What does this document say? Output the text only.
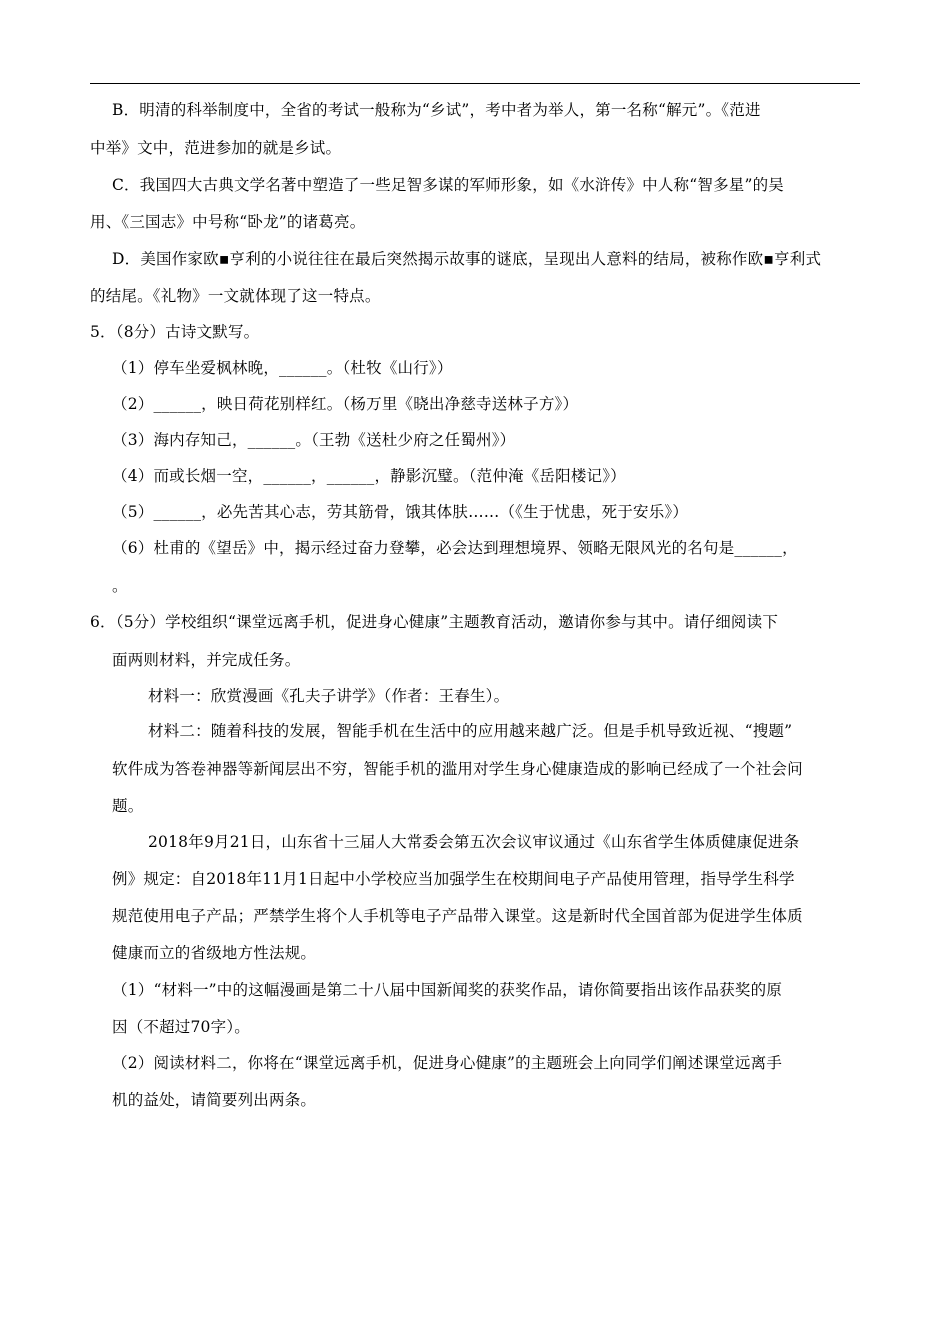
B．明清的科举制度中，全省的考试一般称为“乡试”，考中者为举人，第一名称“解元”。《范进
中举》文中，范进参加的就是乡试。
C．我国四大古典文学名著中塑造了一些足智多谋的军师形象，如《水浒传》中人称“智多星”的吴
用、《三国志》中号称“卧龙”的诸葛亮。
D．美国作家欧▪亨利的小说往往在最后突然揭示故事的谜底，呈现出人意料的结局，被称作欧▪亨利式
的结尾。《礼物》一文就体现了这一特点。
5．（8分）古诗文默写。
（1）停车坐爱枫林晚，______。（杜牧《山行》）
（2）______，映日荷花别样红。（杨万里《晓出净慈寺送林子方》）
（3）海内存知己，______。（王勃《送杜少府之任蜀州》）
（4）而或长烟一空，______，______，静影沉璧。（范仲淹《岳阳楼记》）
（5）______，必先苦其心志，劳其筋骨，饿其体肤……（《生于忧患，死于安乐》）
（6）杜甫的《望岳》中，揭示经过奋力登攀，必会达到理想境界、领略无限风光的名句是______，
。
6．（5分）学校组织“课堂远离手机，促进身心健康”主题教育活动，邀请你参与其中。请仔细阅读下
面两则材料，并完成任务。
材料一：欣赏漫画《孔夫子讲学》（作者：王春生）。
材料二：随着科技的发展，智能手机在生活中的应用越来越广泛。但是手机导致近视、“搜题”
软件成为答卷神器等新闻层出不穷，智能手机的滥用对学生身心健康造成的影响已经成了一个社会问
题。
2018年9月21日，山东省十三届人大常委会第五次会议审议通过《山东省学生体质健康促进条
例》规定：自2018年11月1日起中小学校应当加强学生在校期间电子产品使用管理，指导学生科学
规范使用电子产品；严禁学生将个人手机等电子产品带入课堂。这是新时代全国首部为促进学生体质
健康而立的省级地方性法规。
（1）“材料一”中的这幅漫画是第二十八届中国新闻奖的获奖作品，请你简要指出该作品获奖的原
因（不超过70字）。
（2）阅读材料二，你将在“课堂远离手机，促进身心健康”的主题班会上向同学们阐述课堂远离手
机的益处，请简要列出两条。
